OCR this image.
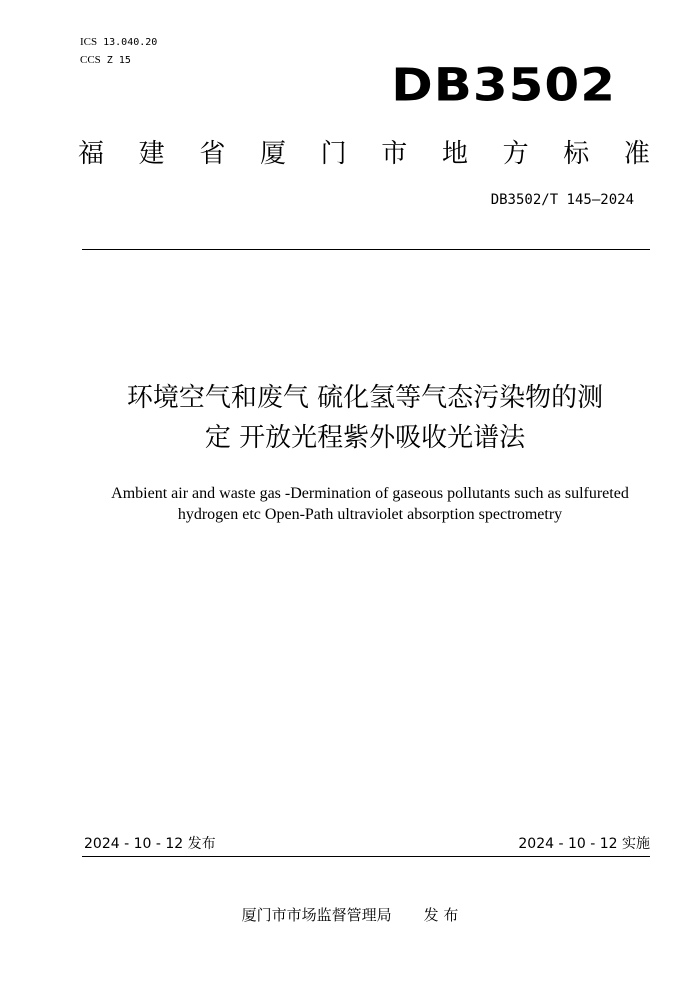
ICS 13.040.20
CCS Z 15	DB3502
福 建 省 厦 门 市 地 方 标 准
DB3502/T 145—2024
环境空气和废气 硫化氢等气态污染物的测
定 开放光程紫外吸收光谱法
Ambient air and waste gas -Dermination of gaseous pollutants such as sulfureted
hydrogen etc Open-Path ultraviolet absorption spectrometry
2024 - 10 - 12 发布	2024 - 10 - 12 实施
厦门市市场监督管理局 发 布
